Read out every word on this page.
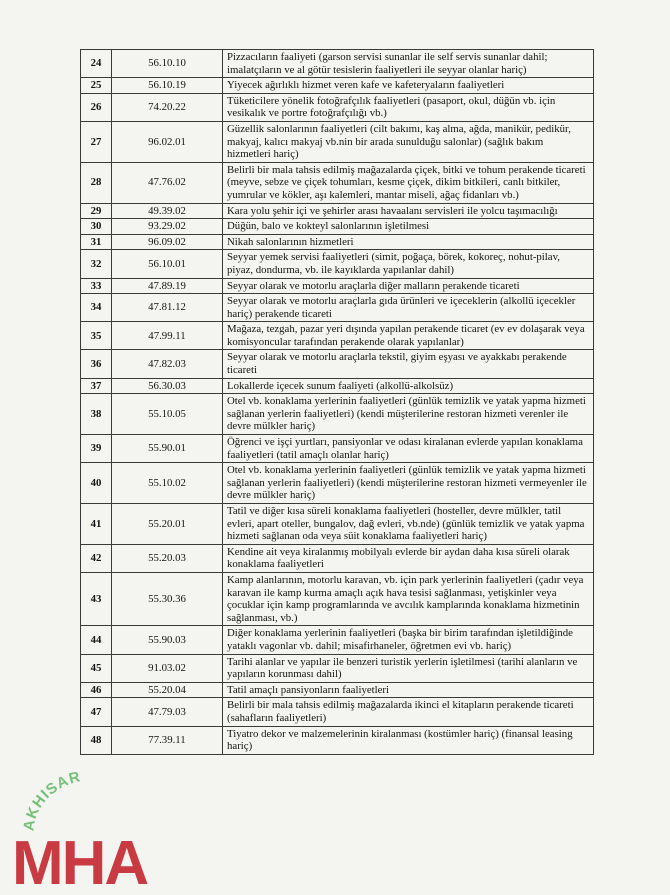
24	56.10.10	Pizzacıların faaliyeti (garson servisi sunanlar ile self servis sunanlar dahil; imalatçıların ve al götür tesislerin faaliyetleri ile seyyar olanlar hariç)
25	56.10.19	Yiyecek ağırlıklı hizmet veren kafe ve kafeteryaların faaliyetleri
26	74.20.22	Tüketicilere yönelik fotoğrafçılık faaliyetleri (pasaport, okul, düğün vb. için vesikalık ve portre fotoğrafçılığı vb.)
27	96.02.01	Güzellik salonlarının faaliyetleri (cilt bakımı, kaş alma, ağda, manikür, pedikür, makyaj, kalıcı makyaj vb.nin bir arada sunulduğu salonlar) (sağlık bakım hizmetleri hariç)
28	47.76.02	Belirli bir mala tahsis edilmiş mağazalarda çiçek, bitki ve tohum perakende ticareti (meyve, sebze ve çiçek tohumları, kesme çiçek, dikim bitkileri, canlı bitkiler, yumrular ve kökler, aşı kalemleri, mantar miseli, ağaç fidanları vb.)
29	49.39.02	Kara yolu şehir içi ve şehirler arası havaalanı servisleri ile yolcu taşımacılığı
30	93.29.02	Düğün, balo ve kokteyl salonlarının işletilmesi
31	96.09.02	Nikah salonlarının hizmetleri
32	56.10.01	Seyyar yemek servisi faaliyetleri (simit, poğaça, börek, kokoreç, nohut-pilav, piyaz, dondurma, vb. ile kayıklarda yapılanlar dahil)
33	47.89.19	Seyyar olarak ve motorlu araçlarla diğer malların perakende ticareti
34	47.81.12	Seyyar olarak ve motorlu araçlarla gıda ürünleri ve içeceklerin (alkollü içecekler hariç) perakende ticareti
35	47.99.11	Mağaza, tezgah, pazar yeri dışında yapılan perakende ticaret (ev ev dolaşarak veya komisyoncular tarafından perakende olarak yapılanlar)
36	47.82.03	Seyyar olarak ve motorlu araçlarla tekstil, giyim eşyası ve ayakkabı perakende ticareti
37	56.30.03	Lokallerde içecek sunum faaliyeti (alkollü-alkolsüz)
38	55.10.05	Otel vb. konaklama yerlerinin faaliyetleri (günlük temizlik ve yatak yapma hizmeti sağlanan yerlerin faaliyetleri) (kendi müşterilerine restoran hizmeti verenler ile devre mülkler hariç)
39	55.90.01	Öğrenci ve işçi yurtları, pansiyonlar ve odası kiralanan evlerde yapılan konaklama faaliyetleri (tatil amaçlı olanlar hariç)
40	55.10.02	Otel vb. konaklama yerlerinin faaliyetleri (günlük temizlik ve yatak yapma hizmeti sağlanan yerlerin faaliyetleri) (kendi müşterilerine restoran hizmeti vermeyenler ile devre mülkler hariç)
41	55.20.01	Tatil ve diğer kısa süreli konaklama faaliyetleri (hosteller, devre mülkler, tatil evleri, apart oteller, bungalov, dağ evleri, vb.nde) (günlük temizlik ve yatak yapma hizmeti sağlanan oda veya süit konaklama faaliyetleri hariç)
42	55.20.03	Kendine ait veya kiralanmış mobilyalı evlerde bir aydan daha kısa süreli olarak konaklama faaliyetleri
43	55.30.36	Kamp alanlarının, motorlu karavan, vb. için park yerlerinin faaliyetleri (çadır veya karavan ile kamp kurma amaçlı açık hava tesisi sağlanması, yetişkinler veya çocuklar için kamp programlarında ve avcılık kamplarında konaklama hizmetinin sağlanması, vb.)
44	55.90.03	Diğer konaklama yerlerinin faaliyetleri (başka bir birim tarafından işletildiğinde yataklı vagonlar vb. dahil; misafirhaneler, öğretmen evi vb. hariç)
45	91.03.02	Tarihi alanlar ve yapılar ile benzeri turistik yerlerin işletilmesi (tarihi alanların ve yapıların korunması dahil)
46	55.20.04	Tatil amaçlı pansiyonların faaliyetleri
47	47.79.03	Belirli bir mala tahsis edilmiş mağazalarda ikinci el kitapların perakende ticareti (sahafların faaliyetleri)
48	77.39.11	Tiyatro dekor ve malzemelerinin kiralanması (kostümler hariç) (finansal leasing hariç)
AKHISAR
MHA
